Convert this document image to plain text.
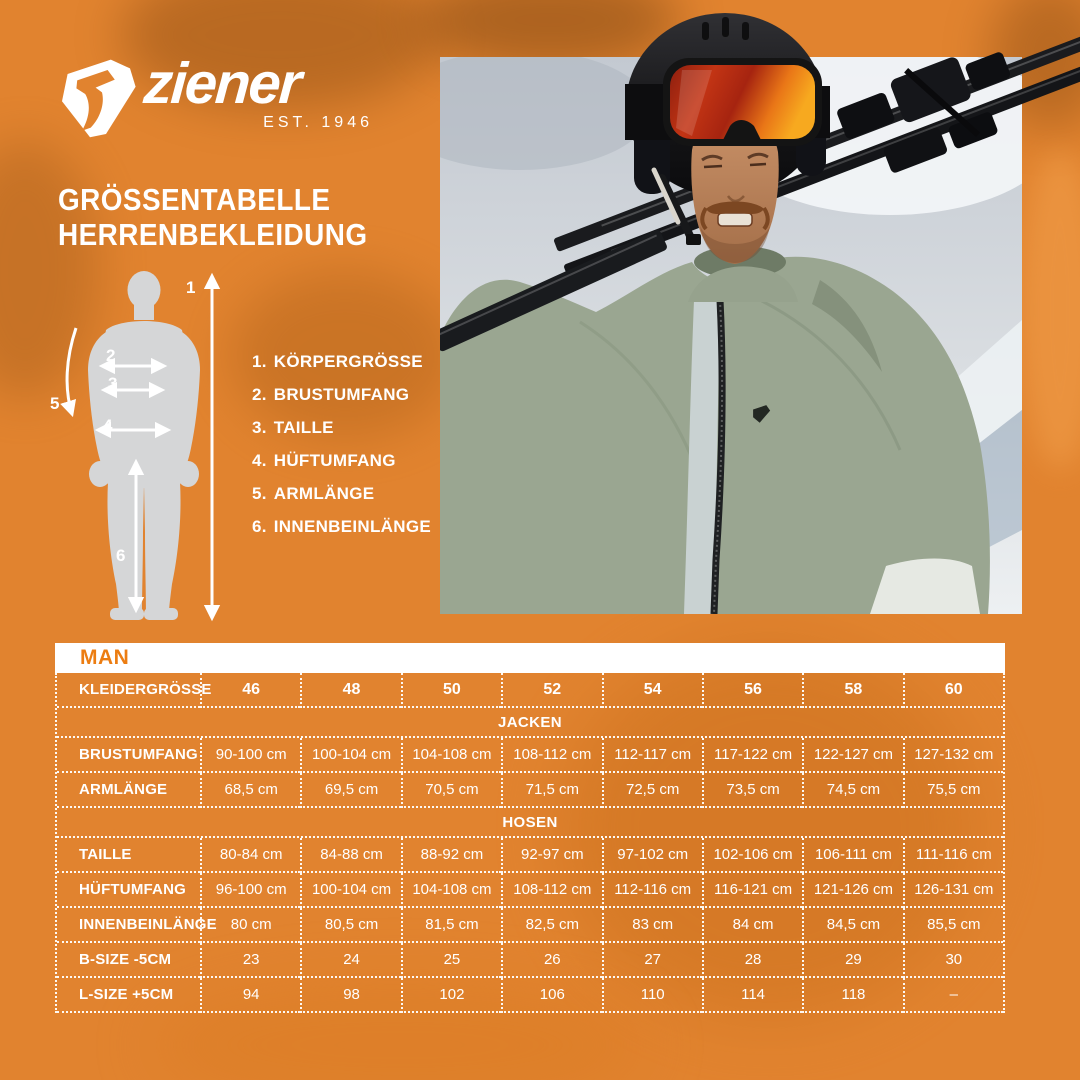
ziener
EST. 1946
GRÖSSENTABELLE
HERRENBEKLEIDUNG
1
2
3
4
5
6
1. KÖRPERGRÖSSE
2. BRUSTUMFANG
3. TAILLE
4. HÜFTUMFANG
5. ARMLÄNGE
6. INNENBEINLÄNGE
MAN
KLEIDERGRÖSSE	46	48	50	52	54	56	58	60
JACKEN
BRUSTUMFANG	90-100 cm	100-104 cm	104-108 cm	108-112 cm	112-117 cm	117-122 cm	122-127 cm	127-132 cm
ARMLÄNGE	68,5 cm	69,5 cm	70,5 cm	71,5 cm	72,5 cm	73,5 cm	74,5 cm	75,5 cm
HOSEN
TAILLE	80-84 cm	84-88 cm	88-92 cm	92-97 cm	97-102 cm	102-106 cm	106-111 cm	111-116 cm
HÜFTUMFANG	96-100 cm	100-104 cm	104-108 cm	108-112 cm	112-116 cm	116-121 cm	121-126 cm	126-131 cm
INNENBEINLÄNGE 80 cm	80,5 cm	81,5 cm	82,5 cm	83 cm	84 cm	84,5 cm	85,5 cm
B-SIZE -5CM	23	24	25	26	27	28	29	30
L-SIZE +5CM	94	98	102	106	110	114	118	–
